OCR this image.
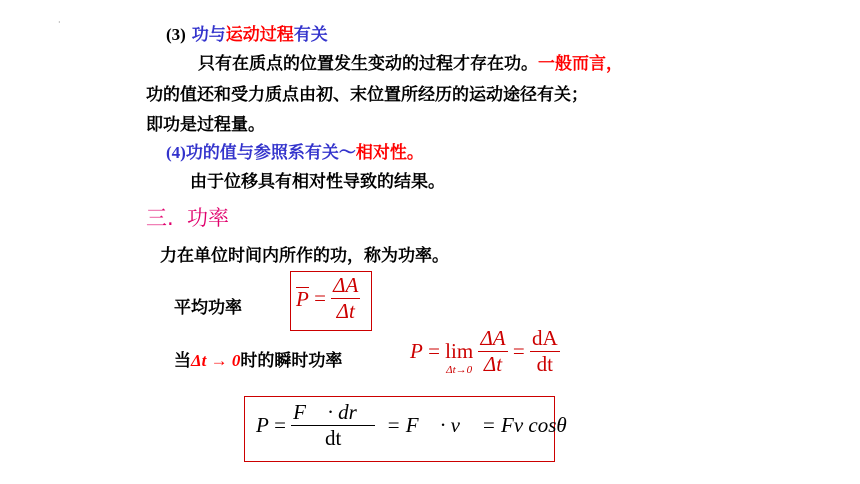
·
(3) 功与运动过程有关
只有在质点的位置发生变动的过程才存在功。一般而言，
功的值还和受力质点由初、末位置所经历的运动途径有关；
即功是过程量。
(4)功的值与参照系有关～相对性。
由于位移具有相对性导致的结果。
三. 功率
力在单位时间内所作的功，称为功率。
平均功率	$P = \frac{\Delta A}{\Delta t}$
当Δt → 0时的瞬时功率	P = lim
Δt→0
$\frac{\Delta A}{\Delta t} = \frac{dA}{dt}$
$P = \frac{F⃗ \cdot dr⃗}{dt}$ = F⃗ · v⃗ = Fv cosθ
